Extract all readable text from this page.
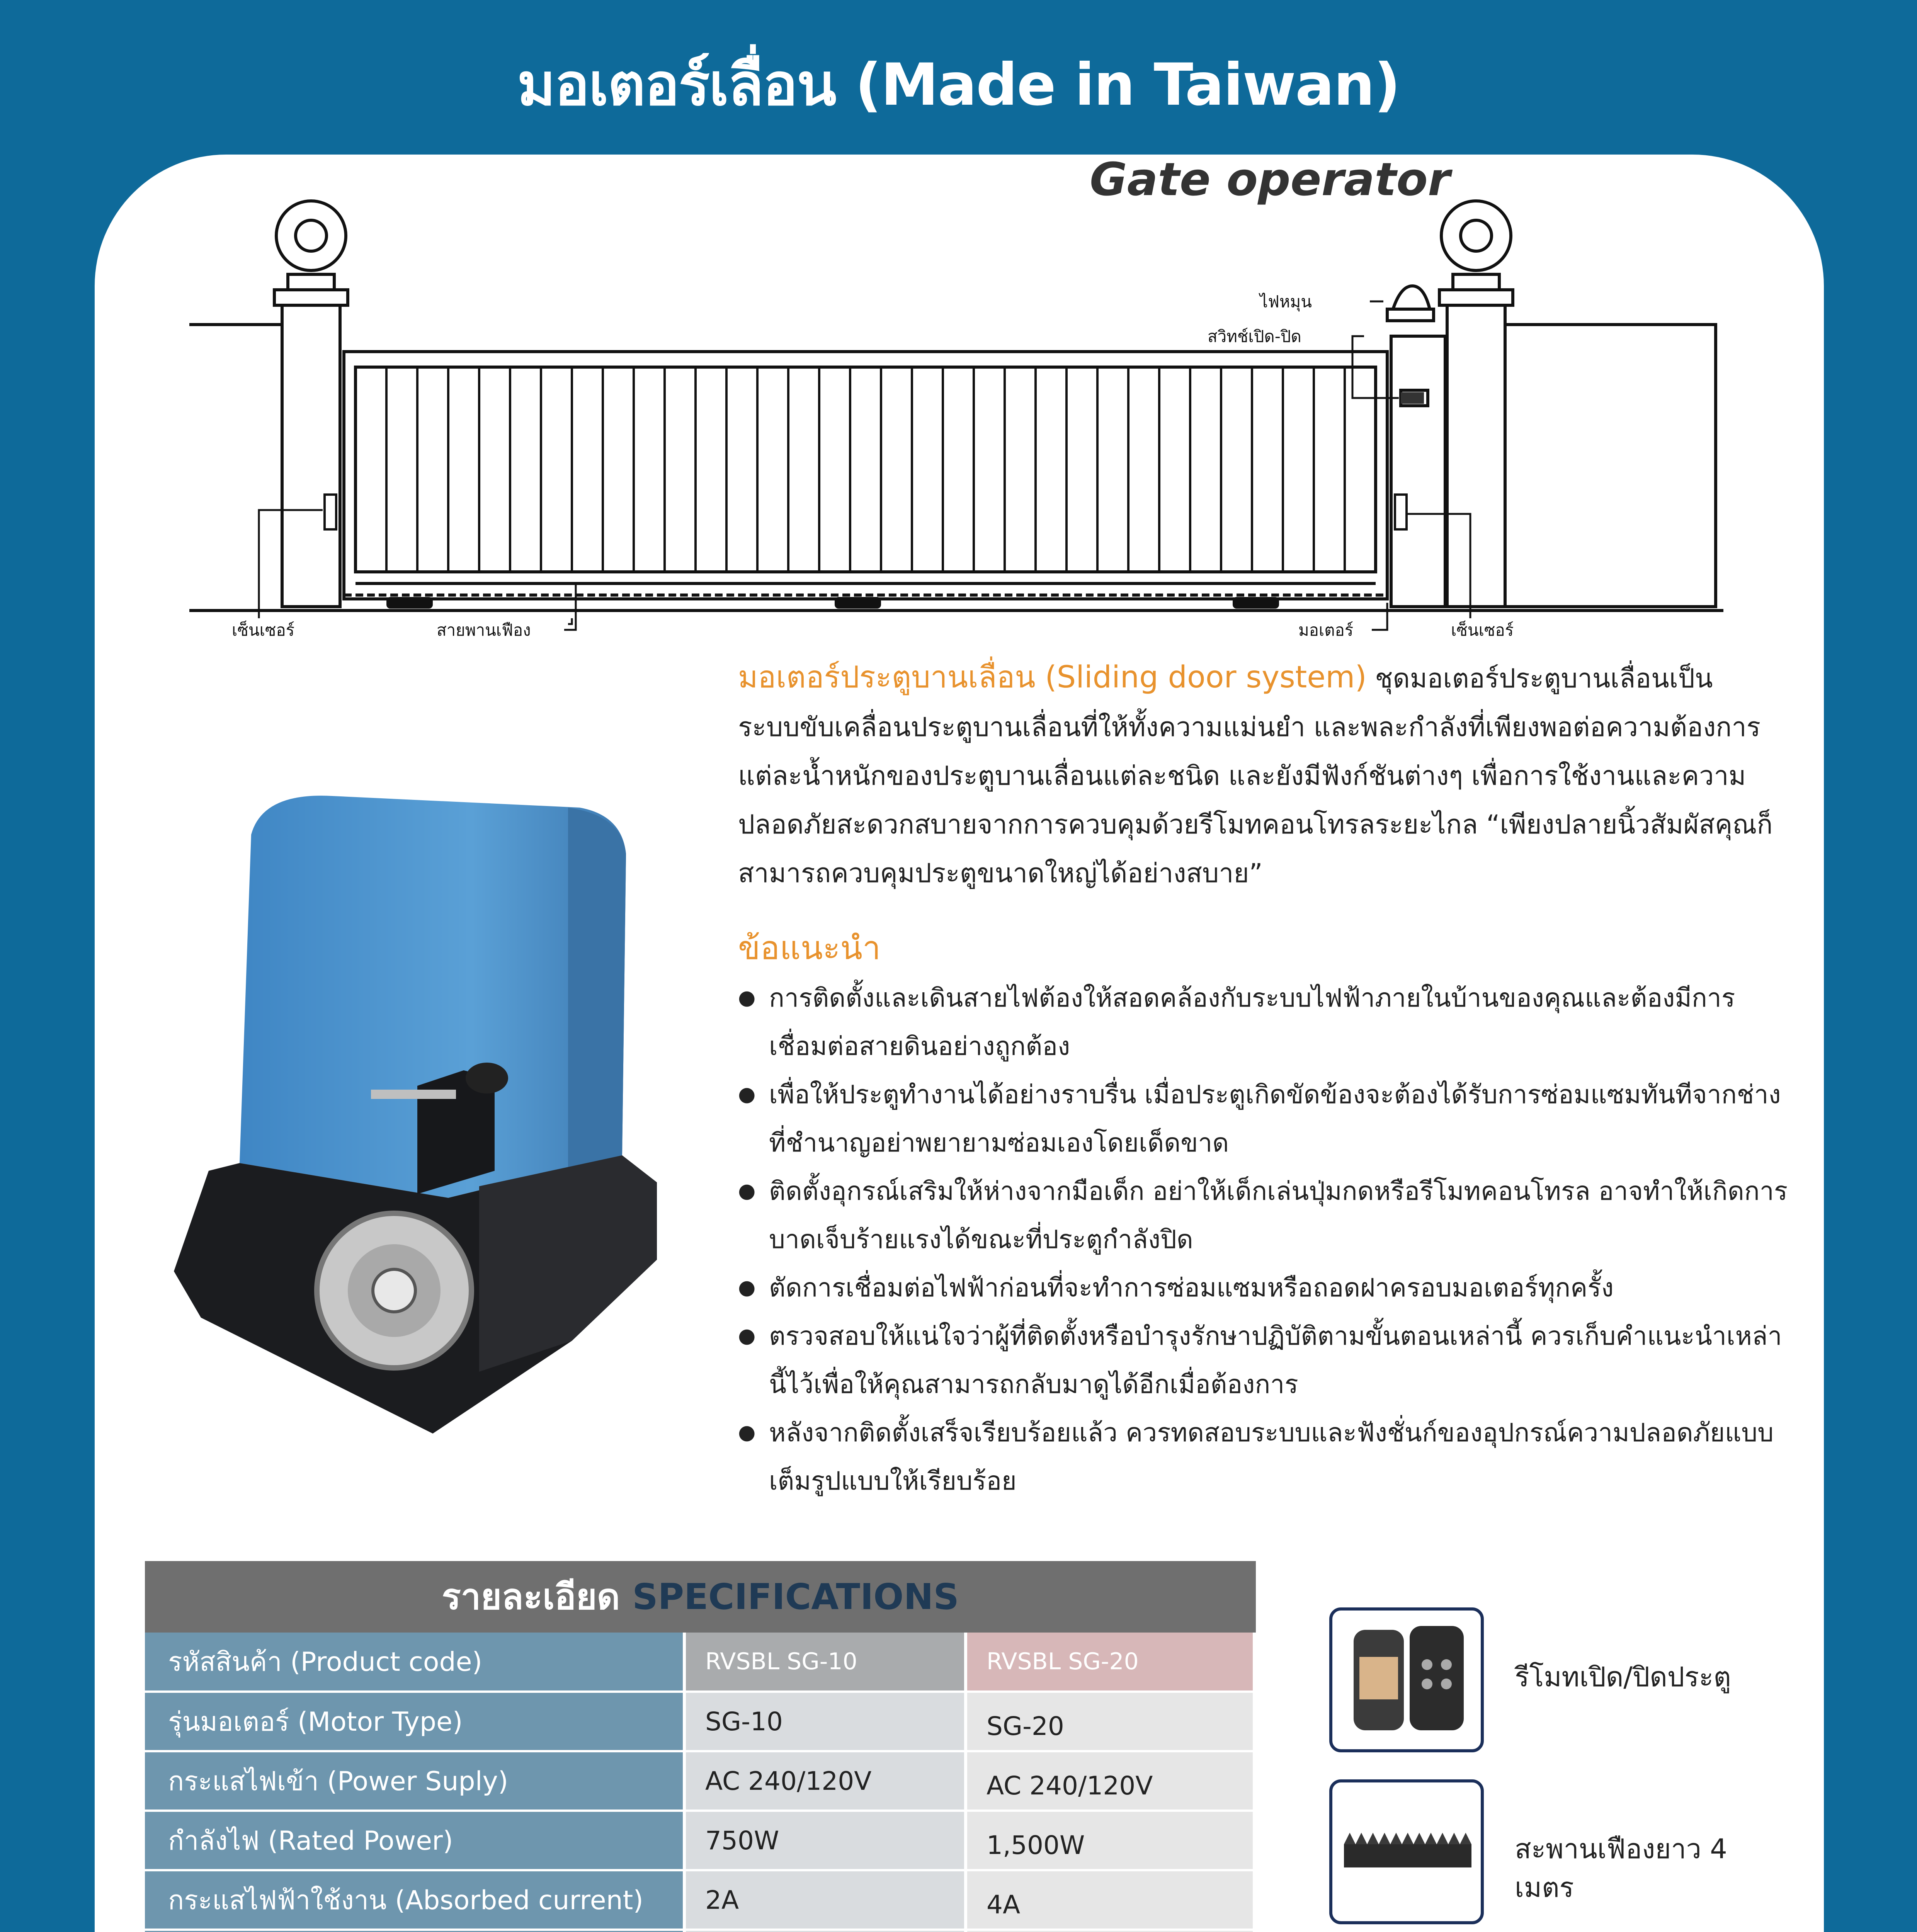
มอเตอร์เลื่อน (Made in Taiwan)
Gate operator
เซ็นเซอร์	สายพานเฟือง	มอเตอร์	เซ็นเซอร์
ไฟหมุน
สวิทช์เปิด-ปิด
มอเตอร์ประตูบานเลื่อน (Sliding door system) ชุดมอเตอร์ประตูบานเลื่อนเป็นระบบขับเคลื่อนประตูบานเลื่อนที่ให้ทั้งความแม่นยำ และพละกำลังที่เพียงพอต่อความต้องการแต่ละน้ำหนักของประตูบานเลื่อนแต่ละชนิด และยังมีฟังก์ชันต่างๆ เพื่อการใช้งานและความปลอดภัยสะดวกสบายจากการควบคุมด้วยรีโมทคอนโทรลระยะไกล “เพียงปลายนิ้วสัมผัสคุณก็สามารถควบคุมประตูขนาดใหญ่ได้อย่างสบาย”
ข้อแนะนำ
● การติดตั้งและเดินสายไฟต้องให้สอดคล้องกับระบบไฟฟ้าภายในบ้านของคุณและต้องมีการเชื่อมต่อสายดินอย่างถูกต้อง
● เพื่อให้ประตูทำงานได้อย่างราบรื่น เมื่อประตูเกิดขัดข้องจะต้องได้รับการซ่อมแซมทันทีจากช่างที่ชำนาญอย่าพยายามซ่อมเองโดยเด็ดขาด
● ติดตั้งอุกรณ์เสริมให้ห่างจากมือเด็ก อย่าให้เด็กเล่นปุ่มกดหรือรีโมทคอนโทรล อาจทำให้เกิดการบาดเจ็บร้ายแรงได้ขณะที่ประตูกำลังปิด
● ตัดการเชื่อมต่อไฟฟ้าก่อนที่จะทำการซ่อมแซมหรือถอดฝาครอบมอเตอร์ทุกครั้ง
● ตรวจสอบให้แน่ใจว่าผู้ที่ติดตั้งหรือบำรุงรักษาปฏิบัติตามขั้นตอนเหล่านี้ ควรเก็บคำแนะนำเหล่านี้ไว้เพื่อให้คุณสามารถกลับมาดูได้อีกเมื่อต้องการ
● หลังจากติดตั้งเสร็จเรียบร้อยแล้ว ควรทดสอบระบบและฟังชั่นก์ของอุปกรณ์ความปลอดภัยแบบเต็มรูปแบบให้เรียบร้อย
รายละเอียด SPECIFICATIONS
รหัสสินค้า (Product code)	RVSBL SG-10	RVSBL SG-20
รุ่นมอเตอร์ (Motor Type)	SG-10	SG-20
กระแสไฟเข้า (Power Suply)	AC 240/120V	AC 240/120V
กำลังไฟ (Rated Power)	750W	1,500W
กระแสไฟฟ้าใช้งาน (Absorbed current)	2A	4A
รีโมทเปิด/ปิดประตู
สะพานเฟืองยาว 4 เมตร
